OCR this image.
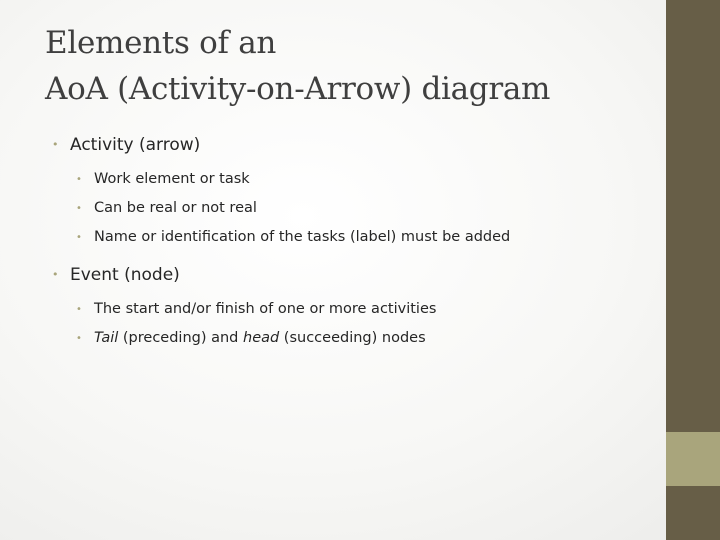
Elements of an
AoA (Activity-on-Arrow) diagram
• Activity (arrow)
• Work element or task
• Can be real or not real
• Name or identification of the tasks (label) must be added
• Event (node)
• The start and/or finish of one or more activities
• Tail (preceding) and head (succeeding) nodes
